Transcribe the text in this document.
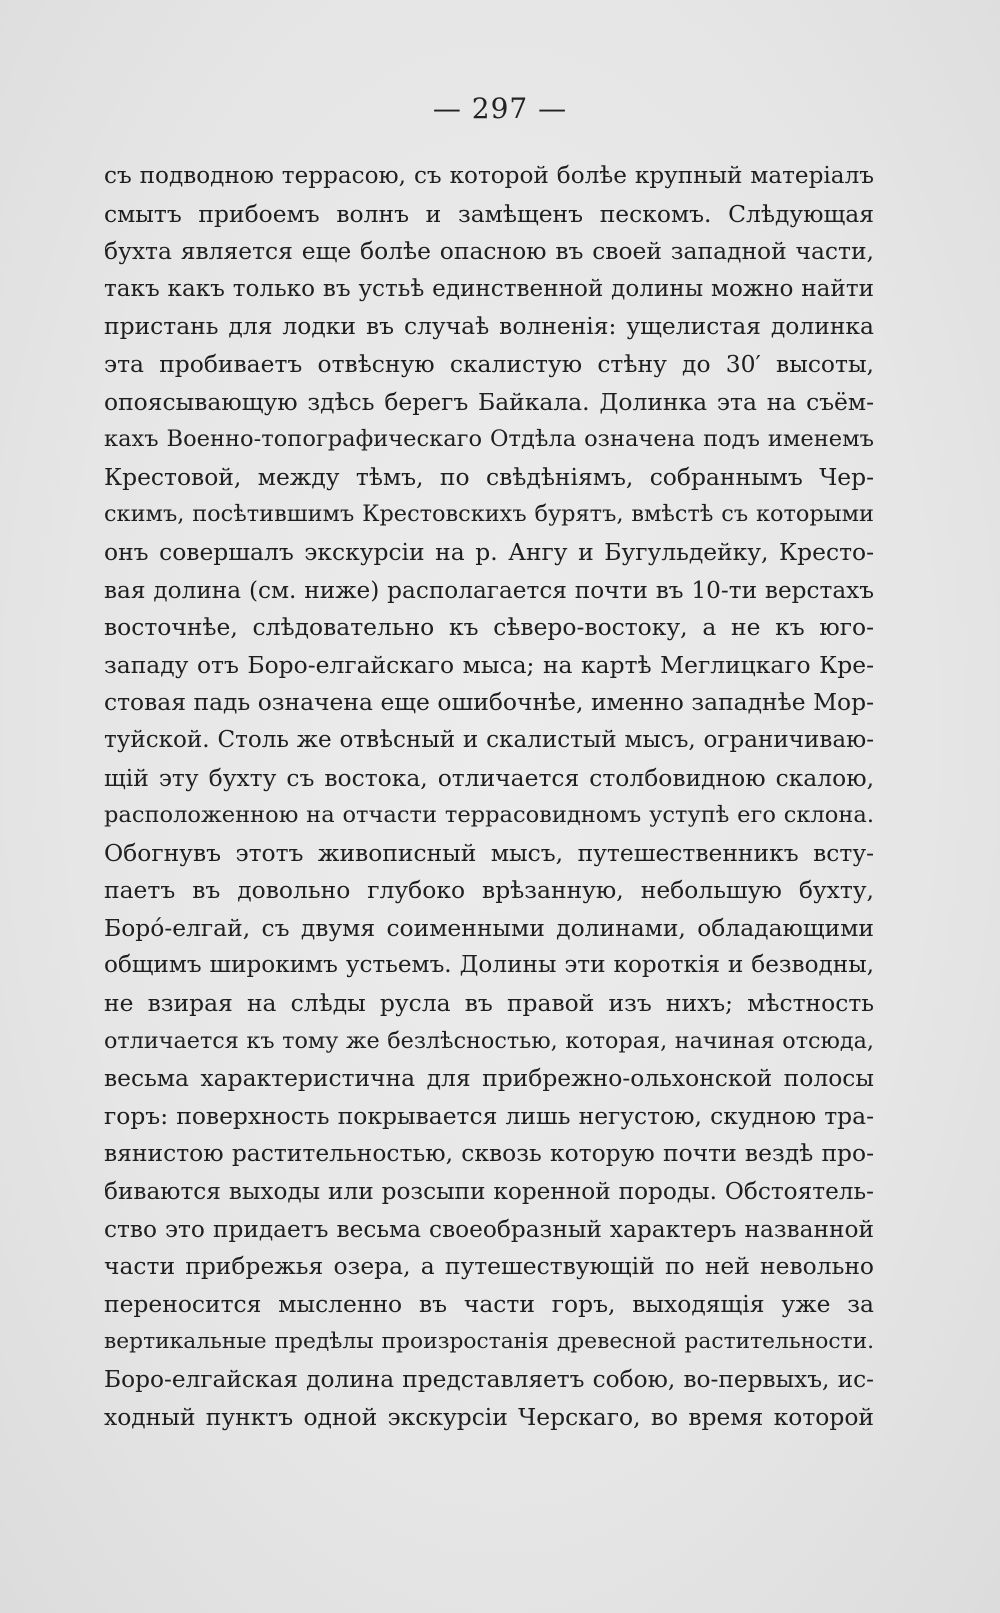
— 297 —
съ подводною террасою, съ которой болѣе крупный матеріалъ
смытъ прибоемъ волнъ и замѣщенъ пескомъ. Слѣдующая
бухта является еще болѣе опасною въ своей западной части,
такъ какъ только въ устьѣ единственной долины можно найти
пристань для лодки въ случаѣ волненія: ущелистая долинка
эта пробиваетъ отвѣсную скалистую стѣну до 30′ высоты,
опоясывающую здѣсь берегъ Байкала. Долинка эта на съём-
кахъ Военно-топографическаго Отдѣла означена подъ именемъ
Крестовой, между тѣмъ, по свѣдѣніямъ, собраннымъ Чер-
скимъ, посѣтившимъ Крестовскихъ бурятъ, вмѣстѣ съ которыми
онъ совершалъ экскурсіи на р. Ангу и Бугульдейку, Кресто-
вая долина (см. ниже) располагается почти въ 10-ти верстахъ
восточнѣе, слѣдовательно къ сѣверо-востоку, а не къ юго-
западу отъ Боро-елгайскаго мыса; на картѣ Меглицкаго Кре-
стовая падь означена еще ошибочнѣе, именно западнѣе Мор-
туйской. Столь же отвѣсный и скалистый мысъ, ограничиваю-
щій эту бухту съ востока, отличается столбовидною скалою,
расположенною на отчасти террасовидномъ уступѣ его склона.
Обогнувъ этотъ живописный мысъ, путешественникъ всту-
паетъ въ довольно глубоко врѣзанную, небольшую бухту,
Боро́-елгай, съ двумя соименными долинами, обладающими
общимъ широкимъ устьемъ. Долины эти короткія и безводны,
не взирая на слѣды русла въ правой изъ нихъ; мѣстность
отличается къ тому же безлѣсностью, которая, начиная отсюда,
весьма характеристична для прибрежно-ольхонской полосы
горъ: поверхность покрывается лишь негустою, скудною тра-
вянистою растительностью, сквозь которую почти вездѣ про-
биваются выходы или розсыпи коренной породы. Обстоятель-
ство это придаетъ весьма своеобразный характеръ названной
части прибрежья озера, а путешествующій по ней невольно
переносится мысленно въ части горъ, выходящія уже за
вертикальные предѣлы произростанія древесной растительности.
Боро-елгайская долина представляетъ собою, во-первыхъ, ис-
ходный пунктъ одной экскурсіи Черскаго, во время которой
